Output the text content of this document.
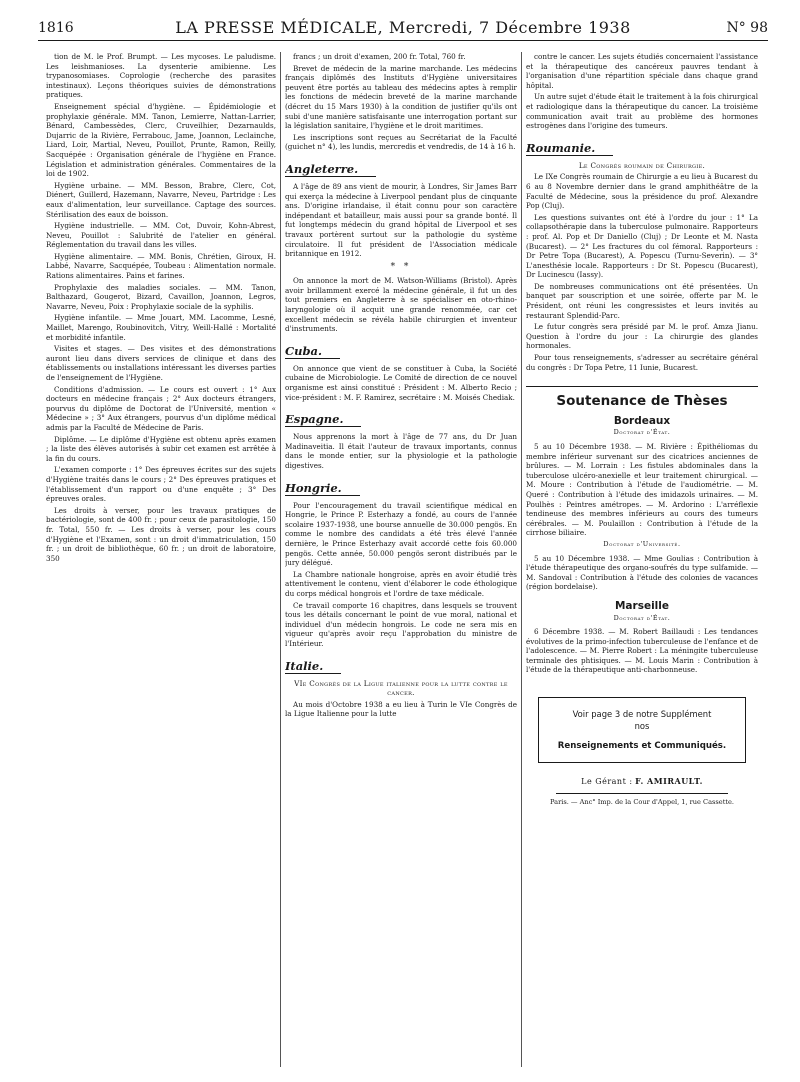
1816	LA PRESSE MÉDICALE, Mercredi, 7 Décembre 1938	N° 98

tion de M. le Prof. Brumpt. — Les mycoses. Le paludisme. Les leishmanioses. La dysenterie amibienne. Les trypanosomiases. Coprologie (recherche des parasites intestinaux). Leçons théoriques suivies de démonstrations pratiques.

Enseignement spécial d'hygiène. — Épidémiologie et prophylaxie générale. MM. Tanon, Lemierre, Nattan-Larrier, Bénard, Cambessèdes, Clerc, Cruveilhier, Dezarnaulds, Dujarric de la Rivière, Ferrabouc, Jame, Joannon, Leclainche, Liard, Loir, Martial, Neveu, Pouillot, Prunte, Ramon, Reilly, Sacquépée : Organisation générale de l'hygiène en France. Législation et administration générales. Commentaires de la loi de 1902.

Hygiène urbaine. — MM. Besson, Brabre, Clerc, Cot, Diénert, Guillerd, Hazemann, Navarre, Neveu, Partridge : Les eaux d'alimentation, leur surveillance. Captage des sources. Stérilisation des eaux de boisson.

Hygiène industrielle. — MM. Cot, Duvoir, Kohn-Abrest, Neveu, Pouillot : Salubrité de l'atelier en général. Réglementation du travail dans les villes.

Hygiène alimentaire. — MM. Bonis, Chrétien, Giroux, H. Labbé, Navarre, Sacquépée, Toubeau : Alimentation normale. Rations alimentaires. Pains et farines.

Prophylaxie des maladies sociales. — MM. Tanon, Balthazard, Gougerot, Bizard, Cavaillon, Joannon, Legros, Navarre, Neveu, Poix : Prophylaxie sociale de la syphilis.

Hygiène infantile. — Mme Jouart, MM. Lacomme, Lesné, Maillet, Marengo, Roubinovitch, Vitry, Weill-Hallé : Mortalité et morbidité infantile.

Visites et stages. — Des visites et des démonstrations auront lieu dans divers services de clinique et dans des établissements ou installations intéressant les diverses parties de l'enseignement de l'Hygiène.

Conditions d'admission. — Le cours est ouvert : 1° Aux docteurs en médecine français ; 2° Aux docteurs étrangers, pourvus du diplôme de Doctorat de l'Université, mention « Médecine » ; 3° Aux étrangers, pourvus d'un diplôme médical admis par la Faculté de Médecine de Paris.

Diplôme. — Le diplôme d'Hygiène est obtenu après examen ; la liste des élèves autorisés à subir cet examen est arrêtée à la fin du cours.

L'examen comporte : 1° Des épreuves écrites sur des sujets d'Hygiène traités dans le cours ; 2° Des épreuves pratiques et l'établissement d'un rapport ou d'une enquête ; 3° Des épreuves orales.

Les droits à verser, pour les travaux pratiques de bactériologie, sont de 400 fr. ; pour ceux de parasitologie, 150 fr. Total, 550 fr. — Les droits à verser, pour les cours d'Hygiène et l'Examen, sont : un droit d'immatriculation, 150 fr. ; un droit de bibliothèque, 60 fr. ; un droit de laboratoire, 350

francs ; un droit d'examen, 200 fr. Total, 760 fr.

Brevet de médecin de la marine marchande. Les médecins français diplômés des Instituts d'Hygiène universitaires peuvent être portés au tableau des médecins aptes à remplir les fonctions de médecin breveté de la marine marchande (décret du 15 Mars 1930) à la condition de justifier qu'ils ont subi d'une manière satisfaisante une interrogation portant sur la législation sanitaire, l'hygiène et le droit maritimes.

Les inscriptions sont reçues au Secrétariat de la Faculté (guichet n° 4), les lundis, mercredis et vendredis, de 14 à 16 h.

Angleterre.

A l'âge de 89 ans vient de mourir, à Londres, Sir James Barr qui exerça la médecine à Liverpool pendant plus de cinquante ans. D'origine irlandaise, il était connu pour son caractère indépendant et batailleur, mais aussi pour sa grande bonté. Il fut longtemps médecin du grand hôpital de Liverpool et ses travaux portèrent surtout sur la pathologie du système circulatoire. Il fut président de l'Association médicale britannique en 1912.

* *

On annonce la mort de M. Watson-Williams (Bristol). Après avoir brillamment exercé la médecine générale, il fut un des tout premiers en Angleterre à se spécialiser en oto-rhino-laryngologie où il acquit une grande renommée, car cet excellent médecin se révéla habile chirurgien et inventeur d'instruments.

Cuba.

On annonce que vient de se constituer à Cuba, la Société cubaine de Microbiologie. Le Comité de direction de ce nouvel organisme est ainsi constitué : Président : M. Alberto Recio ; vice-président : M. F. Ramirez, secrétaire : M. Moisés Chediak.

Espagne.

Nous apprenons la mort à l'âge de 77 ans, du Dr Juan Madinaveitia. Il était l'auteur de travaux importants, connus dans le monde entier, sur la physiologie et la pathologie digestives.

Hongrie.

Pour l'encouragement du travail scientifique médical en Hongrie, le Prince P. Esterhazy a fondé, au cours de l'année scolaire 1937-1938, une bourse annuelle de 30.000 pengös. En comme le nombre des candidats a été très élevé l'année dernière, le Prince Esterhazy avait accordé cette fois 60.000 pengös. Cette année, 50.000 pengös seront distribués par le jury délégué.

La Chambre nationale hongroise, après en avoir étudié très attentivement le contenu, vient d'élaborer le code éthologique du corps médical hongrois et l'ordre de taxe médicale.

Ce travail comporte 16 chapitres, dans lesquels se trouvent tous les détails concernant le point de vue moral, national et individuel d'un médecin hongrois. Le code ne sera mis en vigueur qu'après avoir reçu l'approbation du ministre de l'Intérieur.

Italie.

VIe Congrès de la Ligue italienne pour la lutte contre le cancer.

Au mois d'Octobre 1938 a eu lieu à Turin le VIe Congrès de la Ligue Italienne pour la lutte

contre le cancer. Les sujets étudiés concernaient l'assistance et la thérapeutique des cancéreux pauvres tendant à l'organisation d'une répartition spéciale dans chaque grand hôpital.

Un autre sujet d'étude était le traitement à la fois chirurgical et radiologique dans la thérapeutique du cancer. La troisième communication avait trait au problème des hormones estrogènes dans l'origine des tumeurs.

Roumanie.

Le Congrès roumain de Chirurgie.

Le IXe Congrès roumain de Chirurgie a eu lieu à Bucarest du 6 au 8 Novembre dernier dans le grand amphithéâtre de la Faculté de Médecine, sous la présidence du prof. Alexandre Pop (Cluj).

Les questions suivantes ont été à l'ordre du jour : 1° La collapsothérapie dans la tuberculose pulmonaire. Rapporteurs : prof. Al. Pop et Dr Daniello (Cluj) ; Dr Leonte et M. Nasta (Bucarest). — 2° Les fractures du col fémoral. Rapporteurs : Dr Petre Topa (Bucarest), A. Popescu (Turnu-Severin). — 3° L'anesthésie locale. Rapporteurs : Dr St. Popescu (Bucarest), Dr Lucinescu (Iassy).

De nombreuses communications ont été présentées. Un banquet par souscription et une soirée, offerte par M. le Président, ont réuni les congressistes et leurs invités au restaurant Splendid-Parc.

Le futur congrès sera présidé par M. le prof. Amza Jianu. Question à l'ordre du jour : La chirurgie des glandes hormonales.

Pour tous renseignements, s'adresser au secrétaire général du congrès : Dr Topa Petre, 11 Iunie, Bucarest.

Soutenance de Thèses
Bordeaux
Doctorat d'État.

5 au 10 Décembre 1938. — M. Rivière : Épithéliomas du membre inférieur survenant sur des cicatrices anciennes de brûlures. — M. Lorrain : Les fistules abdominales dans la tuberculose ulcéro-anexielle et leur traitement chirurgical. — M. Moure : Contribution à l'étude de l'audiométrie. — M. Queré : Contribution à l'étude des imidazols urinaires. — M. Poulhès : Peintres amétropes. — M. Ardorino : L'arréflexie tendineuse des membres inférieurs au cours des tumeurs cérébrales. — M. Poulaillon : Contribution à l'étude de la cirrhose biliaire.

Doctorat d'Université.

5 au 10 Décembre 1938. — Mme Goulias : Contribution à l'étude thérapeutique des organo-soufrés du type sulfamide. — M. Sandoval : Contribution à l'étude des colonies de vacances (région bordelaise).

Marseille
Doctorat d'État.

6 Décembre 1938. — M. Robert Baillaudi : Les tendances évolutives de la primo-infection tuberculeuse de l'enfance et de l'adolescence. — M. Pierre Robert : La méningite tuberculeuse terminale des phtisiques. — M. Louis Marin : Contribution à l'étude de la thérapeutique anti-charbonneuse.

Voir page 3 de notre Supplément
nos
Renseignements et Communiqués.
Le Gérant : F. AMIRAULT.
Paris. — Anc° Imp. de la Cour d'Appel, 1, rue Cassette.
